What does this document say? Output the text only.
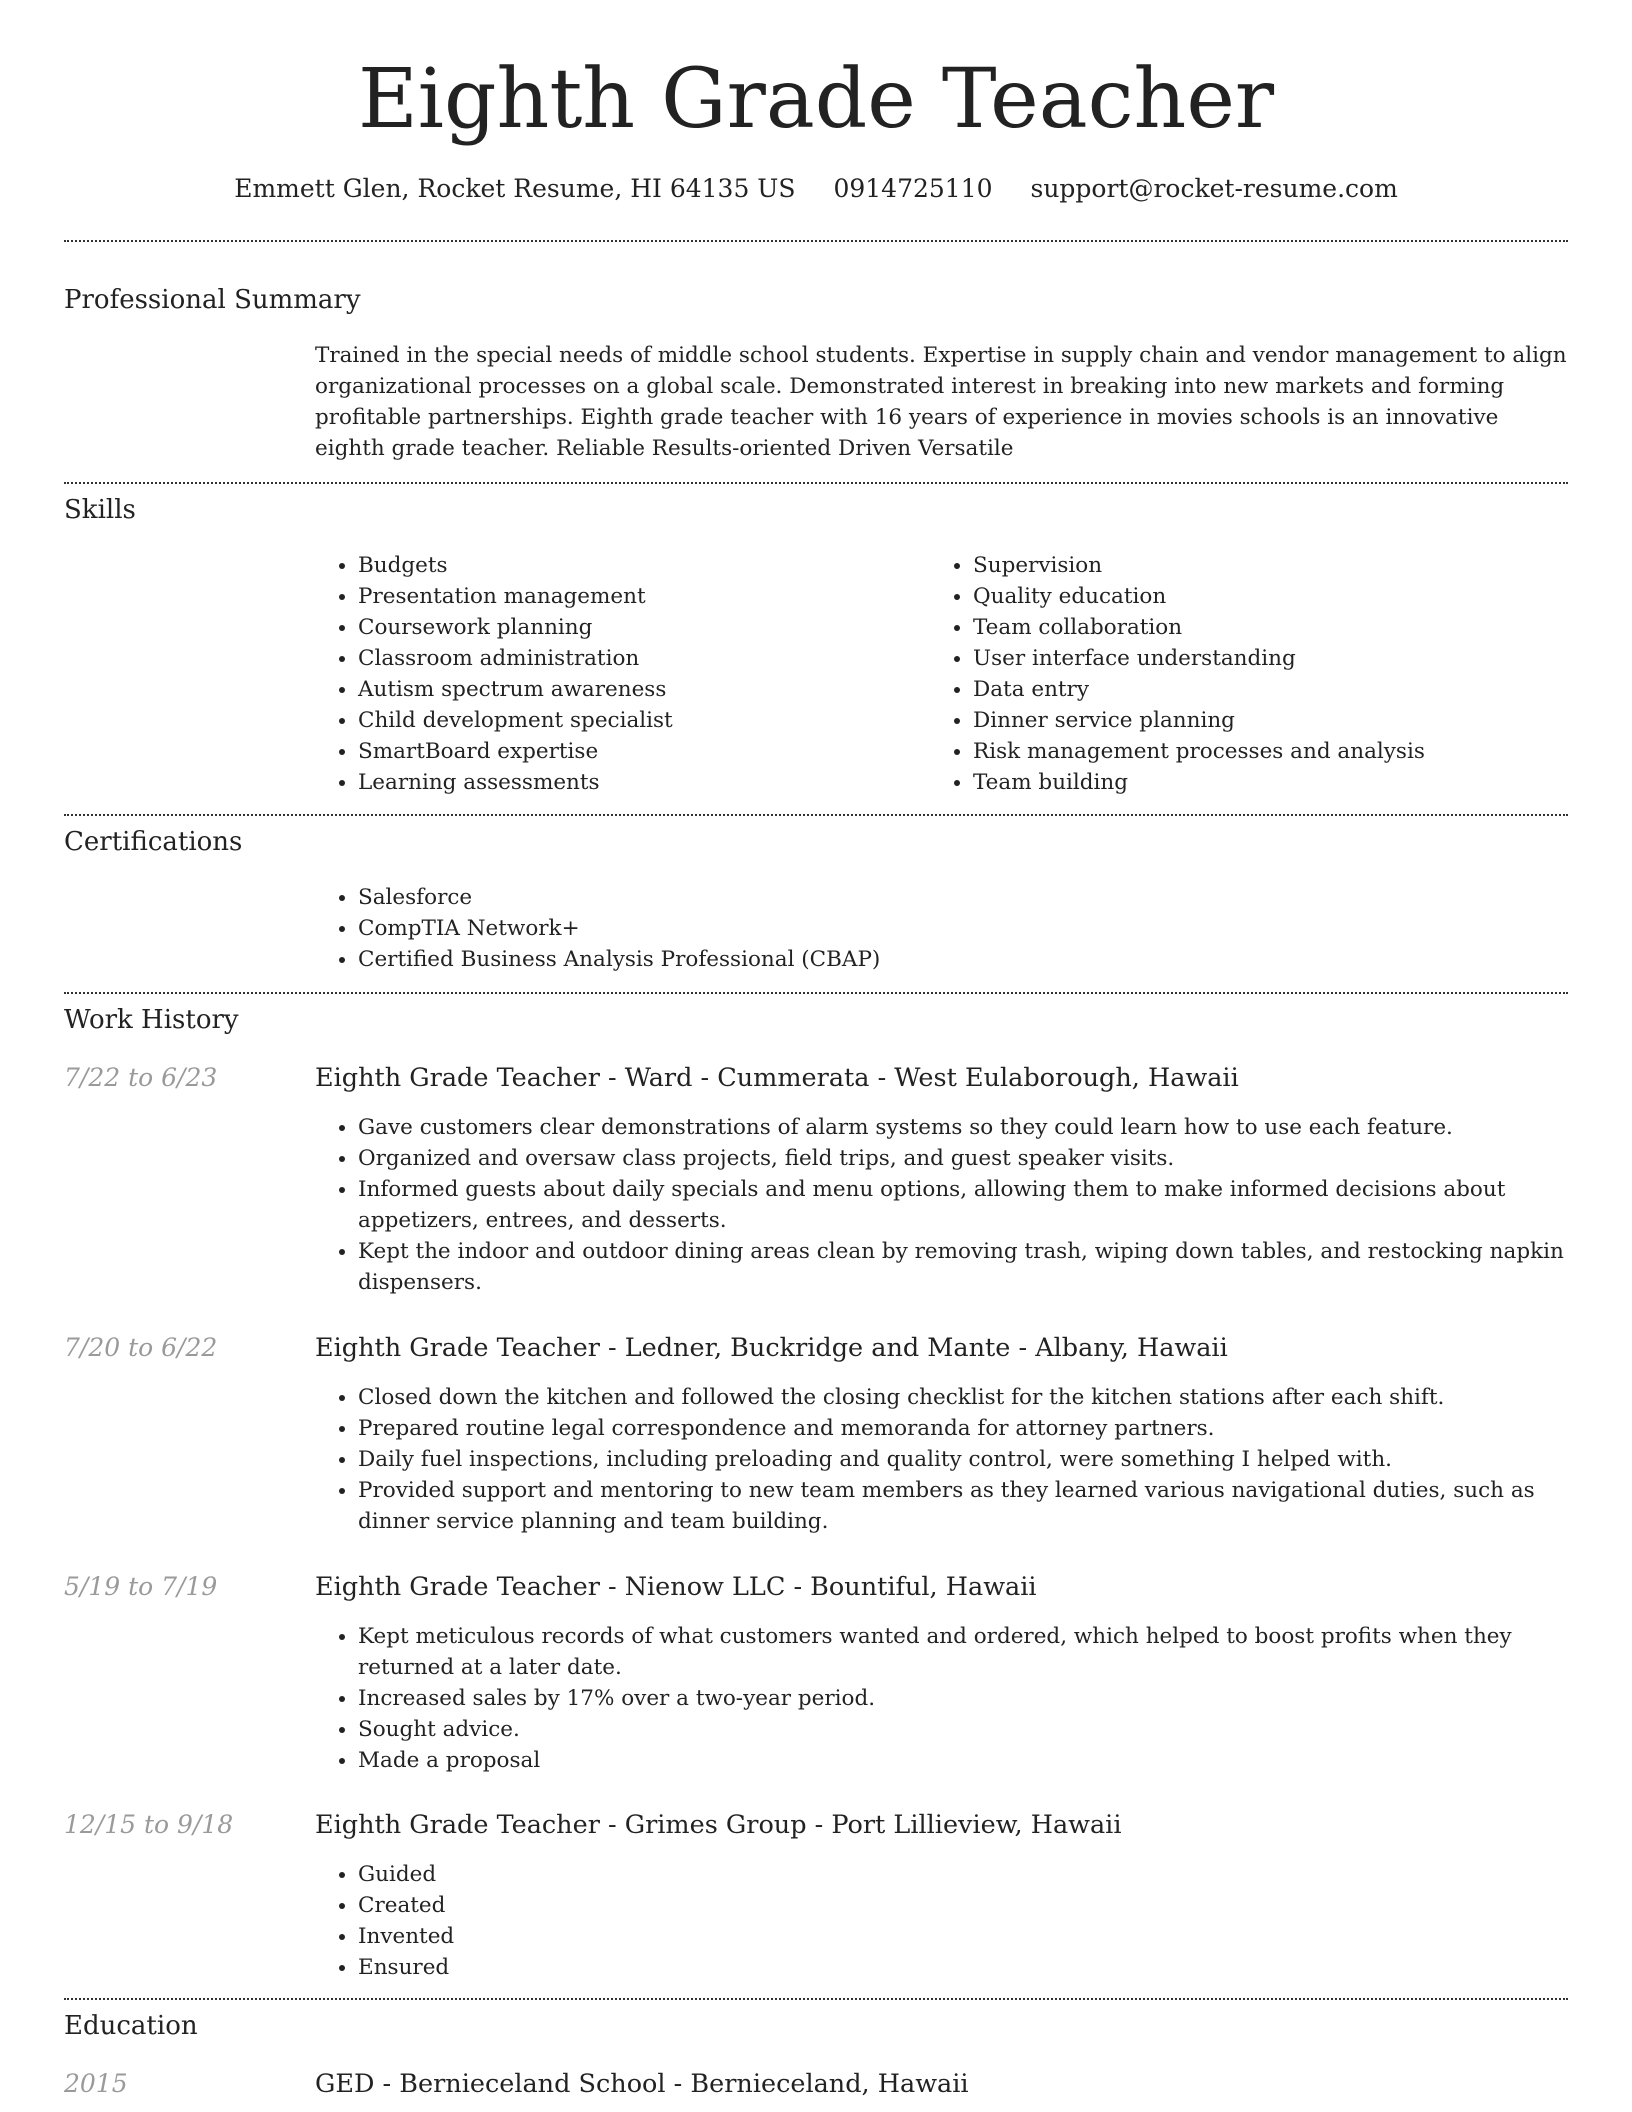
Eighth Grade Teacher
Emmett Glen, Rocket Resume, HI 64135 US 0914725110 support@rocket-resume.com
Professional Summary
Trained in the special needs of middle school students. Expertise in supply chain and vendor management to align organizational processes on a global scale. Demonstrated interest in breaking into new markets and forming profitable partnerships. Eighth grade teacher with 16 years of experience in movies schools is an innovative eighth grade teacher. Reliable Results-oriented Driven Versatile
Skills
• Budgets
• Presentation management
• Coursework planning
• Classroom administration
• Autism spectrum awareness
• Child development specialist
• SmartBoard expertise
• Learning assessments
• Supervision
• Quality education
• Team collaboration
• User interface understanding
• Data entry
• Dinner service planning
• Risk management processes and analysis
• Team building
Certifications
• Salesforce
• CompTIA Network+
• Certified Business Analysis Professional (CBAP)
Work History
7/22 to 6/23	Eighth Grade Teacher - Ward - Cummerata - West Eulaborough, Hawaii
• Gave customers clear demonstrations of alarm systems so they could learn how to use each feature.
• Organized and oversaw class projects, field trips, and guest speaker visits.
• Informed guests about daily specials and menu options, allowing them to make informed decisions about appetizers, entrees, and desserts.
• Kept the indoor and outdoor dining areas clean by removing trash, wiping down tables, and restocking napkin dispensers.
7/20 to 6/22	Eighth Grade Teacher - Ledner, Buckridge and Mante - Albany, Hawaii
• Closed down the kitchen and followed the closing checklist for the kitchen stations after each shift.
• Prepared routine legal correspondence and memoranda for attorney partners.
• Daily fuel inspections, including preloading and quality control, were something I helped with.
• Provided support and mentoring to new team members as they learned various navigational duties, such as dinner service planning and team building.
5/19 to 7/19	Eighth Grade Teacher - Nienow LLC - Bountiful, Hawaii
• Kept meticulous records of what customers wanted and ordered, which helped to boost profits when they returned at a later date.
• Increased sales by 17% over a two-year period.
• Sought advice.
• Made a proposal
12/15 to 9/18	Eighth Grade Teacher - Grimes Group - Port Lillieview, Hawaii
• Guided
• Created
• Invented
• Ensured
Education
2015	GED - Bernieceland School - Bernieceland, Hawaii
